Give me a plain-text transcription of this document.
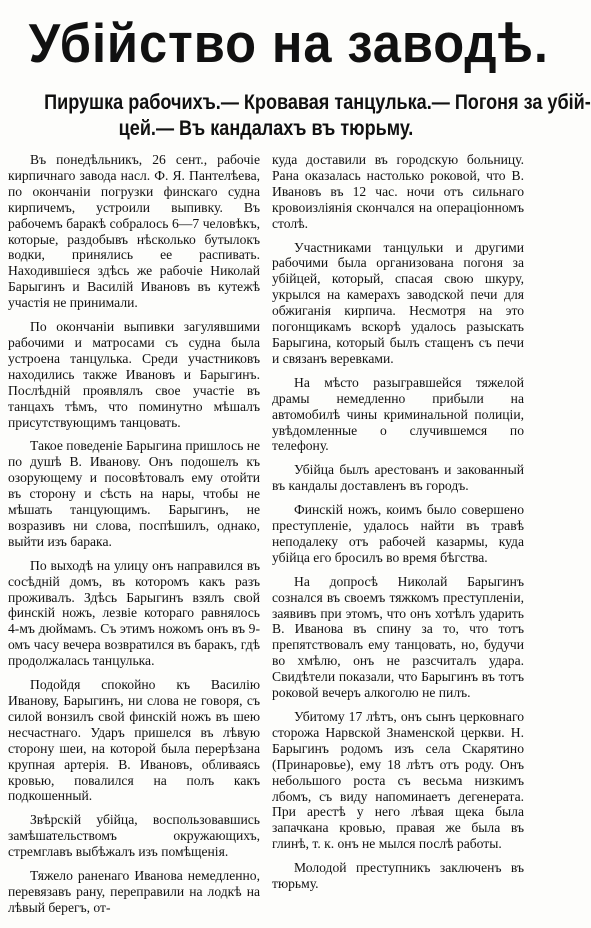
Убійство на заводѣ.
Пирушка рабочихъ.— Кровавая танцулька.— Погоня за убій-
цей.— Въ кандалахъ въ тюрьму.

Въ понедѣльникъ, 26 сент., рабочіе кирпичнаго завода насл. Ф. Я. Пантелѣева, по окончаніи погрузки финскаго судна кирпичемъ, устроили выпивку. Въ рабочемъ баракѣ собралось 6—7 человѣкъ, которые, раздобывъ нѣсколько бутылокъ водки, принялись ее распивать. Находившіеся здѣсь же рабочіе Николай Барыгинъ и Василій Ивановъ въ кутежѣ участія не принимали.

По окончаніи выпивки загулявшими рабочими и матросами съ судна была устроена танцулька. Среди участниковъ находились также Ивановъ и Барыгинъ. Послѣдній проявлялъ свое участіе въ танцахъ тѣмъ, что поминутно мѣшалъ присутствующимъ танцовать.

Такое поведеніе Барыгина пришлось не по душѣ В. Иванову. Онъ подошелъ къ озорующему и посовѣтовалъ ему отойти въ сторону и сѣсть на нары, чтобы не мѣшать танцующимъ. Барыгинъ, не возразивъ ни слова, поспѣшилъ, однако, выйти изъ барака.

По выходѣ на улицу онъ направился въ сосѣдній домъ, въ которомъ какъ разъ проживалъ. Здѣсь Барыгинъ взялъ свой финскій ножъ, лезвіе котораго равнялось 4-мъ дюймамъ. Съ этимъ ножомъ онъ въ 9-омъ часу вечера возвратился въ баракъ, гдѣ продолжалась танцулька.

Подойдя спокойно къ Василію Иванову, Барыгинъ, ни слова не говоря, съ силой вонзилъ свой финскій ножъ въ шею несчастнаго. Ударъ пришелся въ лѣвую сторону шеи, на которой была перерѣзана крупная артерія. В. Ивановъ, обливаясь кровью, повалился на полъ какъ подкошенный.

Звѣрскій убійца, воспользовавшись замѣшательствомъ окружающихъ, стремглавъ выбѣжалъ изъ помѣщенія.

Тяжело раненаго Иванова немедленно, перевязавъ рану, переправили на лодкѣ на лѣвый берегъ, от-

куда доставили въ городскую больницу. Рана оказалась настолько роковой, что В. Ивановъ въ 12 час. ночи отъ сильнаго кровоизліянія скончался на операціонномъ столѣ.

Участниками танцульки и другими рабочими была организована погоня за убійцей, который, спасая свою шкуру, укрылся на камерахъ заводской печи для обжиганія кирпича. Несмотря на это погонщикамъ вскорѣ удалось разыскать Барыгина, который былъ стащенъ съ печи и связанъ веревками.

На мѣсто разыгравшейся тяжелой драмы немедленно прибыли на автомобилѣ чины криминальной полиціи, увѣдомленные о случившемся по телефону.

Убійца былъ арестованъ и закованный въ кандалы доставленъ въ городъ.

Финскій ножъ, коимъ было совершено преступленіе, удалось найти въ травѣ неподалеку отъ рабочей казармы, куда убійца его бросилъ во время бѣгства.

На допросѣ Николай Барыгинъ сознался въ своемъ тяжкомъ преступленіи, заявивъ при этомъ, что онъ хотѣлъ ударить В. Иванова въ спину за то, что тотъ препятствовалъ ему танцовать, но, будучи во хмѣлю, онъ не разсчиталъ удара. Свидѣтели показали, что Барыгинъ въ тотъ роковой вечеръ алкоголю не пилъ.

Убитому 17 лѣтъ, онъ сынъ церковнаго сторожа Нарвской Знаменской церкви. Н. Барыгинъ родомъ изъ села Скарятино (Принаровье), ему 18 лѣтъ отъ роду. Онъ небольшого роста съ весьма низкимъ лбомъ, съ виду напоминаетъ дегенерата. При арестѣ у него лѣвая щека была запачкана кровью, правая же была въ глинѣ, т. к. онъ не мылся послѣ работы.

Молодой преступникъ заключенъ въ тюрьму.
